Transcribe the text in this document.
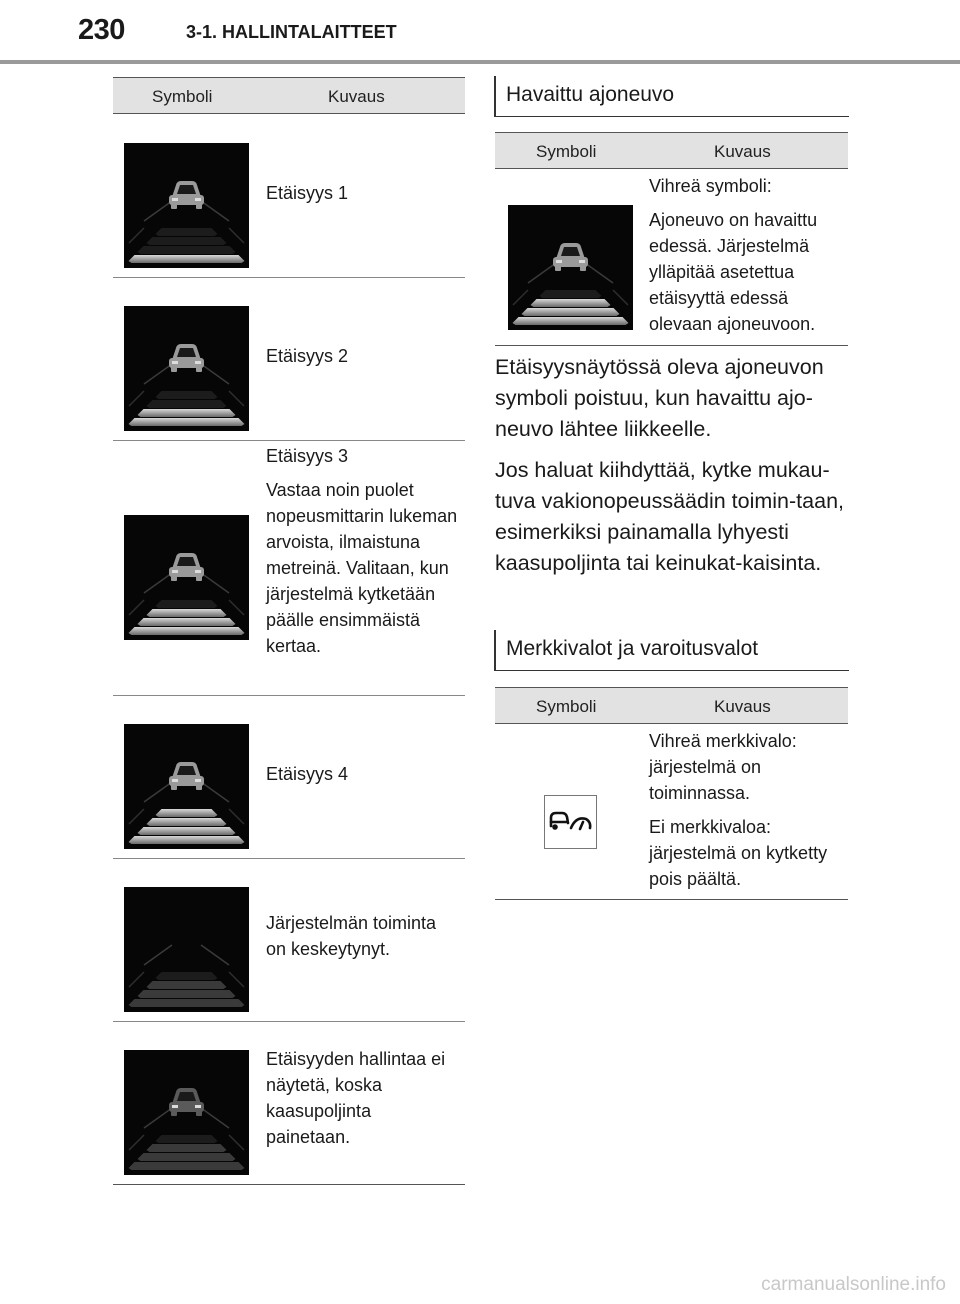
230	3-1. HALLINTALAITTEET
Symboli	Kuvaus

Etäisyys 1

Etäisyys 2

Etäisyys 3

Vastaa noin puolet nopeusmittarin lukeman arvoista, ilmaistuna metreinä. Valitaan, kun järjestelmä kytketään päälle ensimmäistä kertaa.

Etäisyys 4

Järjestelmän toiminta on keskeytynyt.

Etäisyyden hallintaa ei näytetä, koska kaasupoljinta painetaan.

Havaittu ajoneuvo
Symboli	Kuvaus

Vihreä symboli:

Ajoneuvo on havaittu edessä. Järjestelmä ylläpitää asetettua etäisyyttä edessä olevaan ajoneuvoon.

Etäisyysnäytössä oleva ajoneuvon symboli poistuu, kun havaittu ajo-neuvo lähtee liikkeelle.

Jos haluat kiihdyttää, kytke mukau-tuva vakionopeussäädin toimin-taan, esimerkiksi painamalla lyhyesti kaasupoljinta tai keinukat-kaisinta.

Merkkivalot ja varoitusvalot
Symboli	Kuvaus

Vihreä merkkivalo: järjestelmä on toiminnassa.

Ei merkkivaloa: järjestelmä on kytketty pois päältä.

carmanualsonline.info
